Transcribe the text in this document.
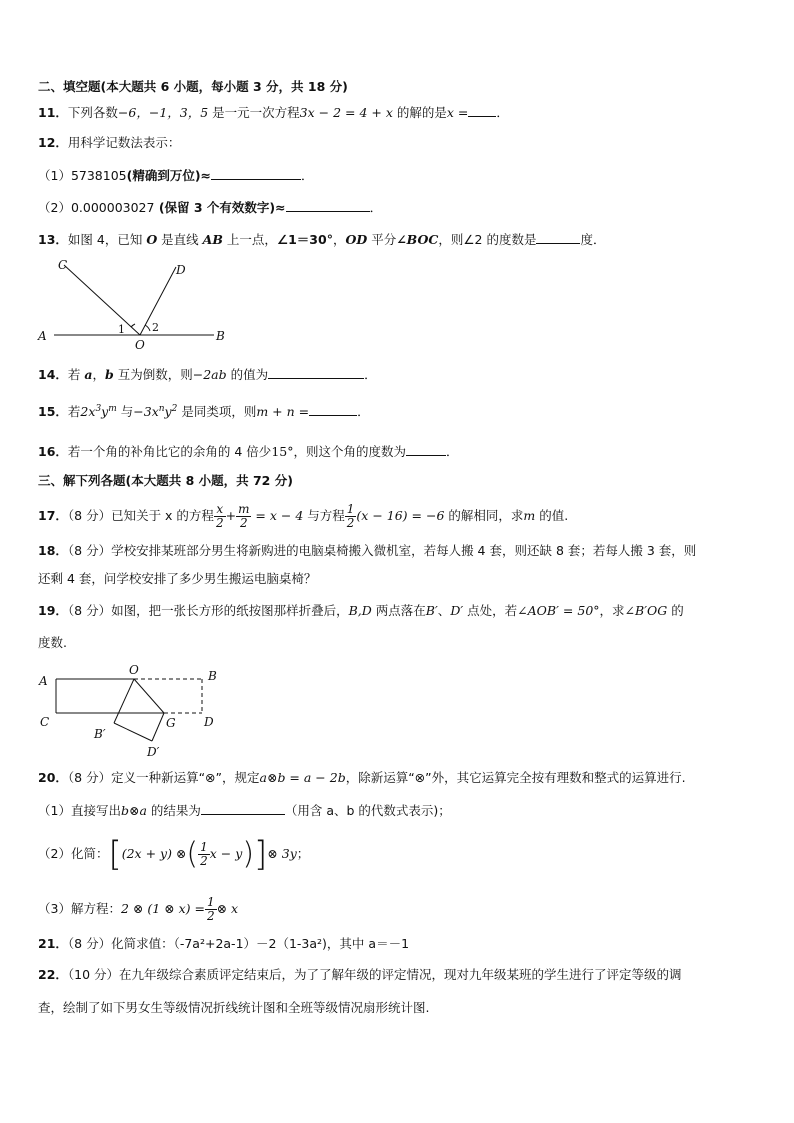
二、填空题(本大题共 6 小题，每小题 3 分，共 18 分)
11．下列各数−6，−1，3，5 是一元一次方程3x − 2 = 4 + x 的解的是x = ．
12．用科学记数法表示：
（1）5738105(精确到万位)≈	．
（2）0.000003027 (保留 3 个有效数字)≈	．
13．如图 4，已知 O 是直线 AB 上一点，∠1＝30°，OD 平分∠BOC，则∠2 的度数是	度．
C	D
A	B
O
1 2
14．若 a，b 互为倒数，则−2ab 的值为	．
15．若$2x^3y^m$ 与$-3x^ny^2$ 是同类项，则m + n =	．
16．若一个角的补角比它的余角的 4 倍少15°，则这个角的度数为	．
三、解下列各题(本大题共 8 小题，共 72 分)
17．（8 分）已知关于 x 的方程 $\frac{x}{2} + \frac{m}{2} = x - 4$ 与方程 $\frac{1}{2} (x - 16) = -6$ 的解相同，求m 的值.
18．（8 分）学校安排某班部分男生将新购进的电脑桌椅搬入微机室，若每人搬 4 套，则还缺 8 套；若每人搬 3 套，则
还剩 4 套，问学校安排了多少男生搬运电脑桌椅？
19．（8 分）如图，把一张长方形的纸按图那样折叠后，B,D 两点落在B′、D′ 点处，若∠AOB′ = 50°，求∠B′OG 的
度数.
O	B
A
C	G D
B′
D′
20．（8 分）定义一种新运算“⊗”，规定a⊗b = a − 2b，除新运算“⊗”外，其它运算完全按有理数和整式的运算进行.
（1）直接写出b⊗a 的结果为	（用含 a、b 的代数式表示)；
（2）化简：[(2x + y) ⊗( $\frac{1}{2}$ x − y)]⊗ 3y；
（3）解方程：2 ⊗ (1 ⊗ $x) = \frac{1}{2}$ ⊗ x
21．（8 分）化简求值：（-7a²+2a-1）－2（1-3a²)，其中 a＝－1
22．（10 分）在九年级综合素质评定结束后，为了了解年级的评定情况，现对九年级某班的学生进行了评定等级的调
查，绘制了如下男女生等级情况折线统计图和全班等级情况扇形统计图.
